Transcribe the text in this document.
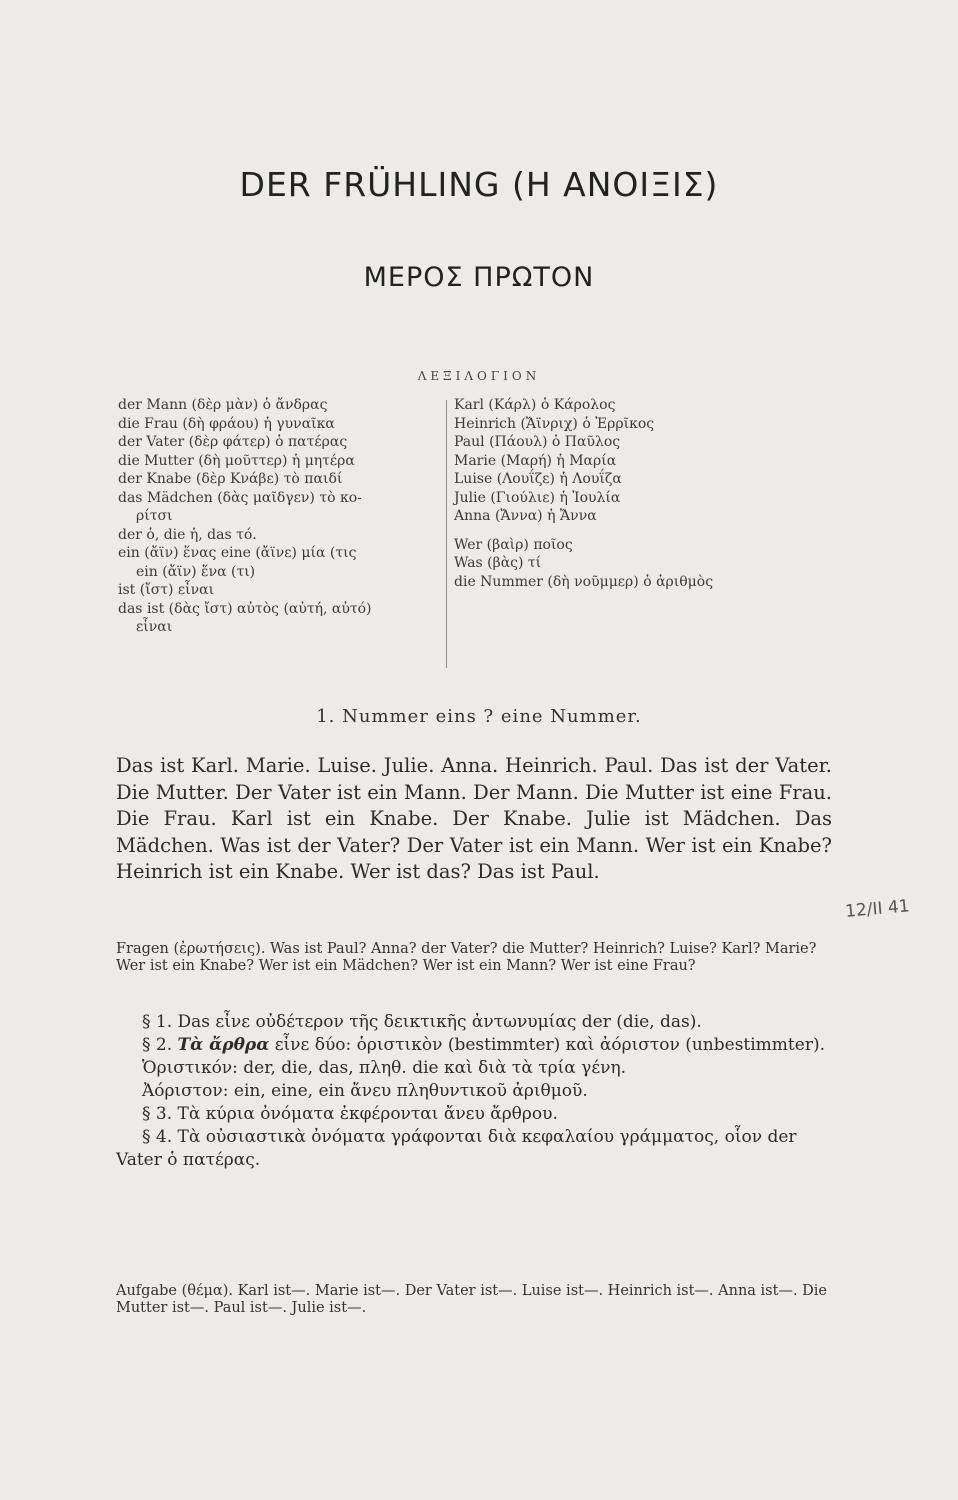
DER FRÜHLING (Η ΑΝΟΙΞΙΣ)
ΜΕΡΟΣ ΠΡΩΤΟΝ
ΛΕΞΙΛΟΓΙΟΝ
der Mann (δὲρ μὰν) ὁ ἄνδρας
die Frau (δὴ φράου) ἡ γυναῖκα
der Vater (δὲρ φάτερ) ὁ πατέρας
die Mutter (δὴ μοῦττερ) ἡ μητέρα
der Knabe (δὲρ Κνάβε) τὸ παιδί
das Mädchen (δὰς μαῖδγεν) τὸ κο-
ρίτσι
der ὁ, die ἡ, das τό.
ein (ἄϊν) ἕνας eine (ἄϊνε) μία (τις
ein (ἄϊν) ἕνα (τι)
ist (ἴστ) εἶναι
das ist (δὰς ἴστ) αὐτὸς (αὐτή, αὐτό)
εἶναι
Karl (Κάρλ) ὁ Κάρολος
Heinrich (Ἄϊνριχ) ὁ Ἐρρῖκος
Paul (Πάουλ) ὁ Παῦλος
Marie (Μαρή) ἡ Μαρία
Luise (Λουΐζε) ἡ Λουΐζα
Julie (Γιούλιε) ἡ Ἰουλία
Anna (Ἄννα) ἡ Ἄννα
Wer (βαὶρ) ποῖος
Was (βὰς) τί
die Nummer (δὴ νοῦμμερ) ὁ ἀριθμὸς
1. Nummer eins ? eine Nummer.

Das ist Karl. Marie. Luise. Julie. Anna. Heinrich. Paul. Das ist der Vater. Die Mutter. Der Vater ist ein Mann. Der Mann. Die Mutter ist eine Frau. Die Frau. Karl ist ein Knabe. Der Knabe. Julie ist Mädchen. Das Mädchen. Was ist der Vater? Der Vater ist ein Mann. Wer ist ein Knabe? Heinrich ist ein Knabe. Wer ist das? Das ist Paul.

Fragen (ἐρωτήσεις). Was ist Paul? Anna? der Vater? die Mutter? Heinrich? Luise? Karl? Marie? Wer ist ein Knabe? Wer ist ein Mädchen? Wer ist ein Mann? Wer ist eine Frau?

§ 1. Das εἶνε οὐδέτερον τῆς δεικτικῆς ἀντωνυμίας der (die, das).

§ 2. Τὰ ἄρθρα εἶνε δύο: ὁριστικὸν (bestimmter) καὶ ἀόριστον (unbestimmter).

Ὁριστικόν: der, die, das, πληθ. die καὶ διὰ τὰ τρία γένη.

Ἀόριστον: ein, eine, ein ἄνευ πληθυντικοῦ ἀριθμοῦ.

§ 3. Τὰ κύρια ὀνόματα ἐκφέρονται ἄνευ ἄρθρου.

§ 4. Τὰ οὐσιαστικὰ ὀνόματα γράφονται διὰ κεφαλαίου γράμματος, οἷον der Vater ὁ πατέρας.

Aufgabe (θέμα). Karl ist—. Marie ist—. Der Vater ist—. Luise ist—. Heinrich ist—. Anna ist—. Die Mutter ist—. Paul ist—. Julie ist—.
12/II 41
